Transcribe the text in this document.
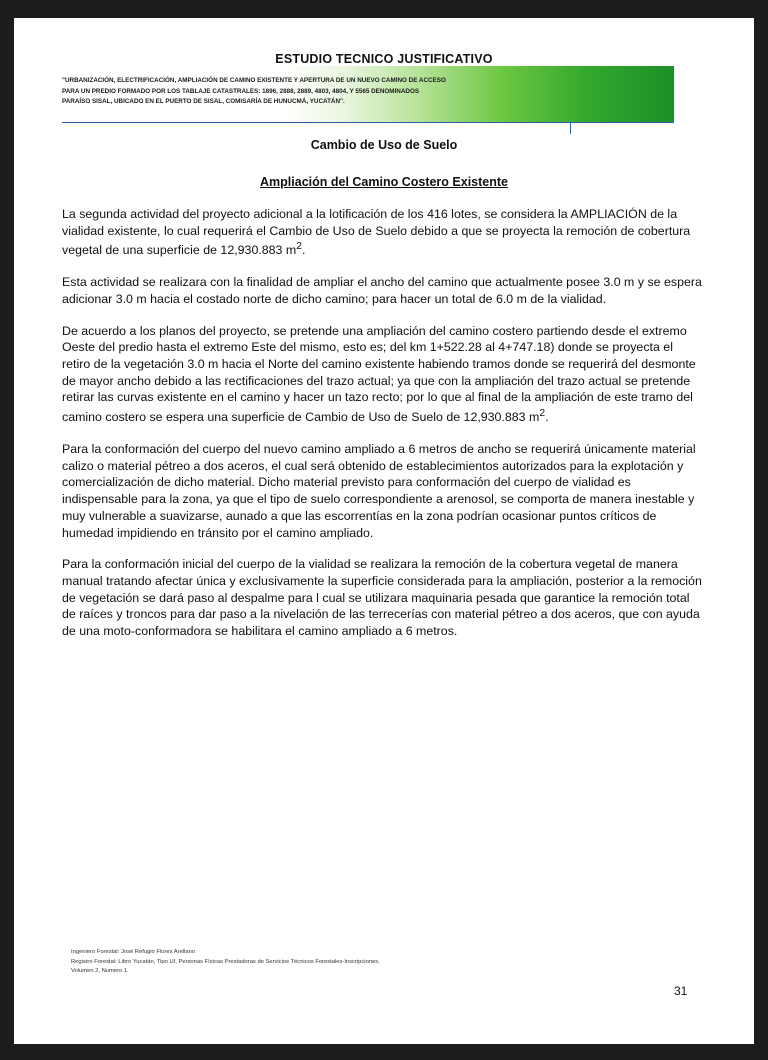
ESTUDIO TECNICO JUSTIFICATIVO
"URBANIZACIÓN, ELECTRIFICACIÓN, AMPLIACIÓN DE CAMINO EXISTENTE Y APERTURA DE UN NUEVO CAMINO DE ACCESO PARA UN PREDIO FORMADO POR LOS TABLAJE CATASTRALES: 1896, 2888, 2889, 4803, 4804, Y 5565 DENOMINADOS PARAÍSO SISAL, UBICADO EN EL PUERTO DE SISAL, COMISARÍA DE HUNUCMÁ, YUCATÁN".
Cambio de Uso de Suelo
Ampliación del Camino Costero Existente

La segunda actividad del proyecto adicional a la lotificación de los 416 lotes, se considera la AMPLIACIÓN de la vialidad existente, lo cual requerirá el Cambio de Uso de Suelo debido a que se proyecta la remoción de cobertura vegetal de una superficie de 12,930.883 $m^2$.

Esta actividad se realizara con la finalidad de ampliar el ancho del camino que actualmente posee 3.0 m y se espera adicionar 3.0 m hacia el costado norte de dicho camino; para hacer un total de 6.0 m de la vialidad.

De acuerdo a los planos del proyecto, se pretende una ampliación del camino costero partiendo desde el extremo Oeste del predio hasta el extremo Este del mismo, esto es; del km 1+522.28 al 4+747.18) donde se proyecta el retiro de la vegetación 3.0 m hacia el Norte del camino existente habiendo tramos donde se requerirá del desmonte de mayor ancho debido a las rectificaciones del trazo actual; ya que con la ampliación del trazo actual se pretende retirar las curvas existente en el camino y hacer un tazo recto; por lo que al final de la ampliación de este tramo del camino costero se espera una superficie de Cambio de Uso de Suelo de 12,930.883 $m^2$.

Para la conformación del cuerpo del nuevo camino ampliado a 6 metros de ancho se requerirá únicamente material calizo o material pétreo a dos aceros, el cual será obtenido de establecimientos autorizados para la explotación y comercialización de dicho material. Dicho material previsto para conformación del cuerpo de vialidad es indispensable para la zona, ya que el tipo de suelo correspondiente a arenosol, se comporta de manera inestable y muy vulnerable a suavizarse, aunado a que las escorrentías en la zona podrían ocasionar puntos críticos de humedad impidiendo en tránsito por el camino ampliado.

Para la conformación inicial del cuerpo de la vialidad se realizara la remoción de la cobertura vegetal de manera manual tratando afectar única y exclusivamente la superficie considerada para la ampliación, posterior a la remoción de vegetación se dará paso al despalme para l cual se utilizara maquinaria pesada que garantice la remoción total de raíces y troncos para dar paso a la nivelación de las terrecerías con material pétreo a dos aceros, que con ayuda de una moto-conformadora se habilitara el camino ampliado a 6 metros.

Ingeniero Forestal: José Refugio Flores Arellano
Registro Forestal: Libro Yucatán, Tipo UI, Personas Físicas Prestadoras de Servicios Técnicos Forestales-Inscripciones,
Volumen 2, Numero 1.
31
